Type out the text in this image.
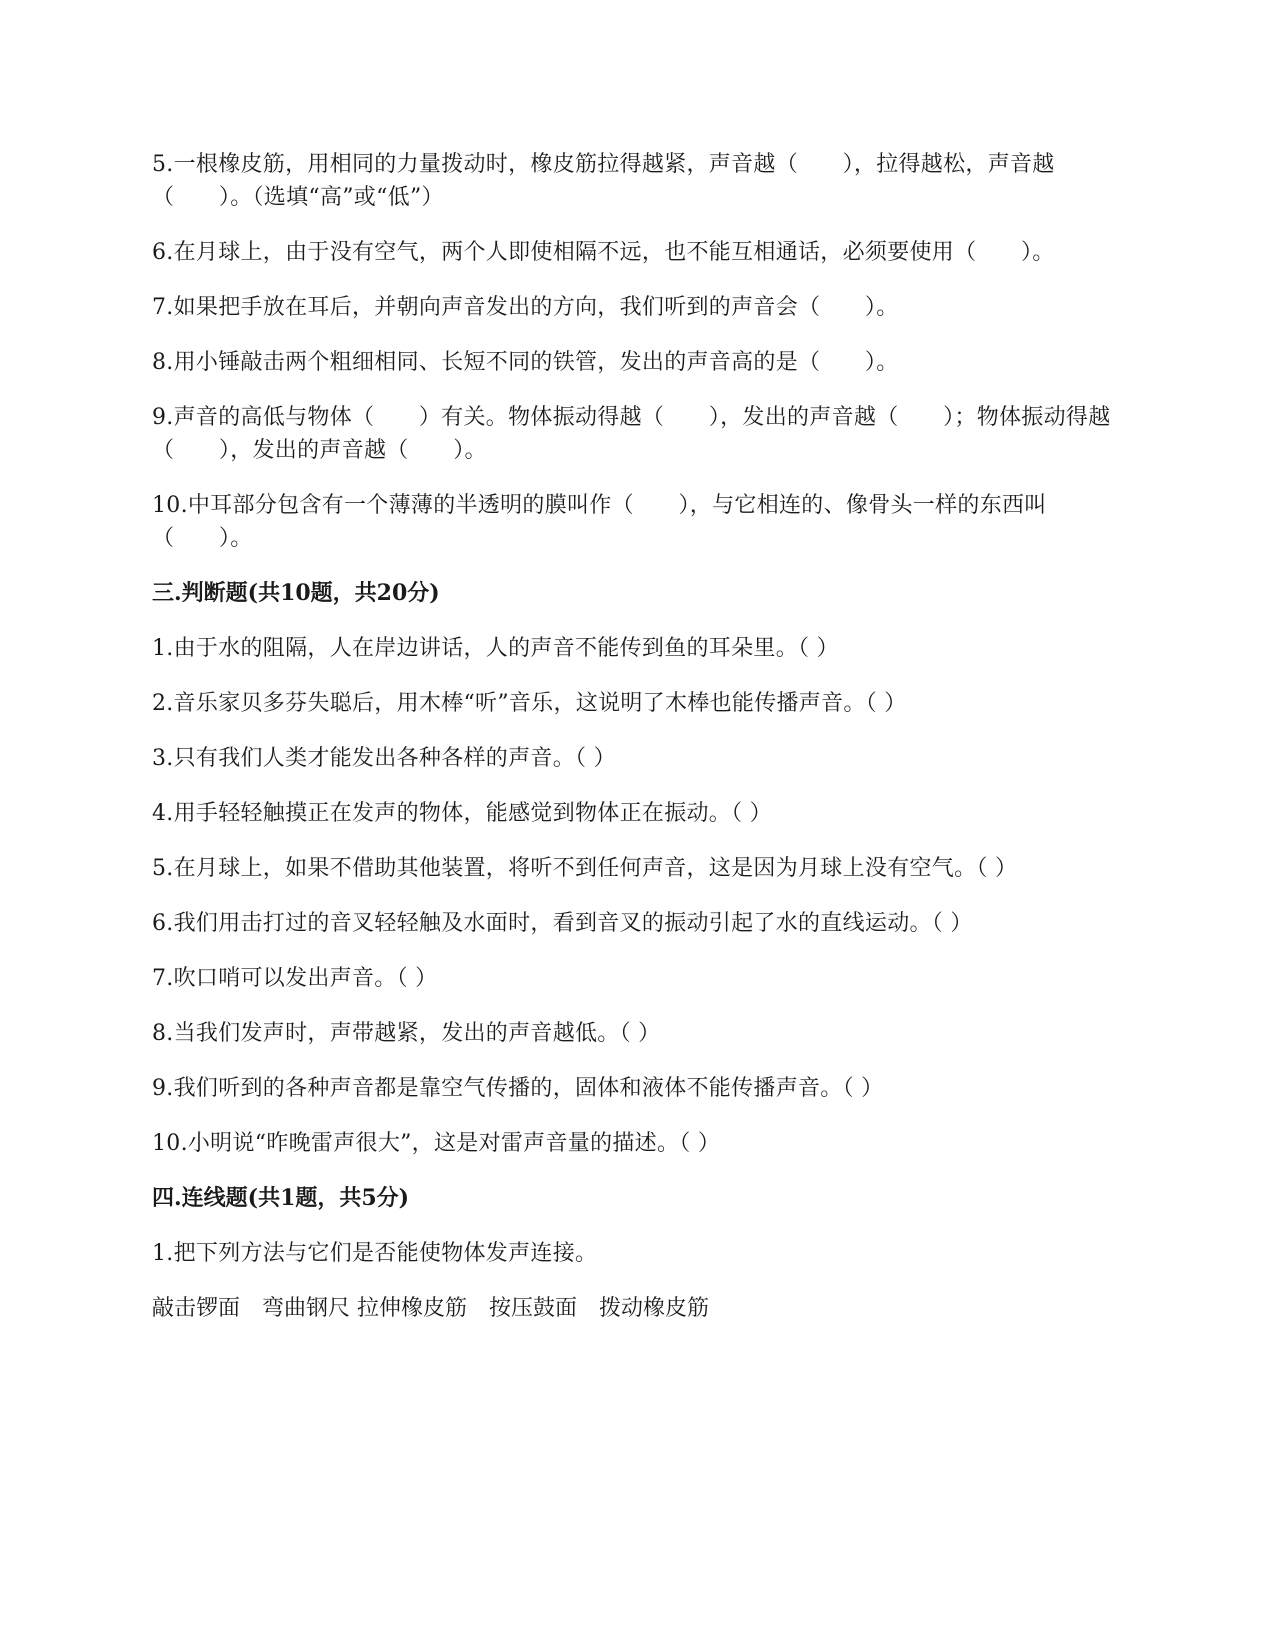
5.一根橡皮筋，用相同的力量拨动时，橡皮筋拉得越紧，声音越（　　），拉得越松，声音越（　　）。（选填“高”或“低”）

6.在月球上，由于没有空气，两个人即使相隔不远，也不能互相通话，必须要使用（　　）。

7.如果把手放在耳后，并朝向声音发出的方向，我们听到的声音会（　　）。

8.用小锤敲击两个粗细相同、长短不同的铁管，发出的声音高的是（　　）。

9.声音的高低与物体（　　）有关。物体振动得越（　　），发出的声音越（　　）；物体振动得越（　　），发出的声音越（　　）。

10.中耳部分包含有一个薄薄的半透明的膜叫作（　　），与它相连的、像骨头一样的东西叫（　　）。

三.判断题(共10题，共20分)

1.由于水的阻隔，人在岸边讲话，人的声音不能传到鱼的耳朵里。（ ）

2.音乐家贝多芬失聪后，用木棒“听”音乐，这说明了木棒也能传播声音。（ ）

3.只有我们人类才能发出各种各样的声音。（ ）

4.用手轻轻触摸正在发声的物体，能感觉到物体正在振动。（ ）

5.在月球上，如果不借助其他装置，将听不到任何声音，这是因为月球上没有空气。（ ）

6.我们用击打过的音叉轻轻触及水面时，看到音叉的振动引起了水的直线运动。（ ）

7.吹口哨可以发出声音。（ ）

8.当我们发声时，声带越紧，发出的声音越低。（ ）

9.我们听到的各种声音都是靠空气传播的，固体和液体不能传播声音。（ ）

10.小明说“昨晚雷声很大”，这是对雷声音量的描述。（ ）

四.连线题(共1题，共5分)

1.把下列方法与它们是否能使物体发声连接。

敲击锣面　弯曲钢尺 拉伸橡皮筋　按压鼓面　拨动橡皮筋
